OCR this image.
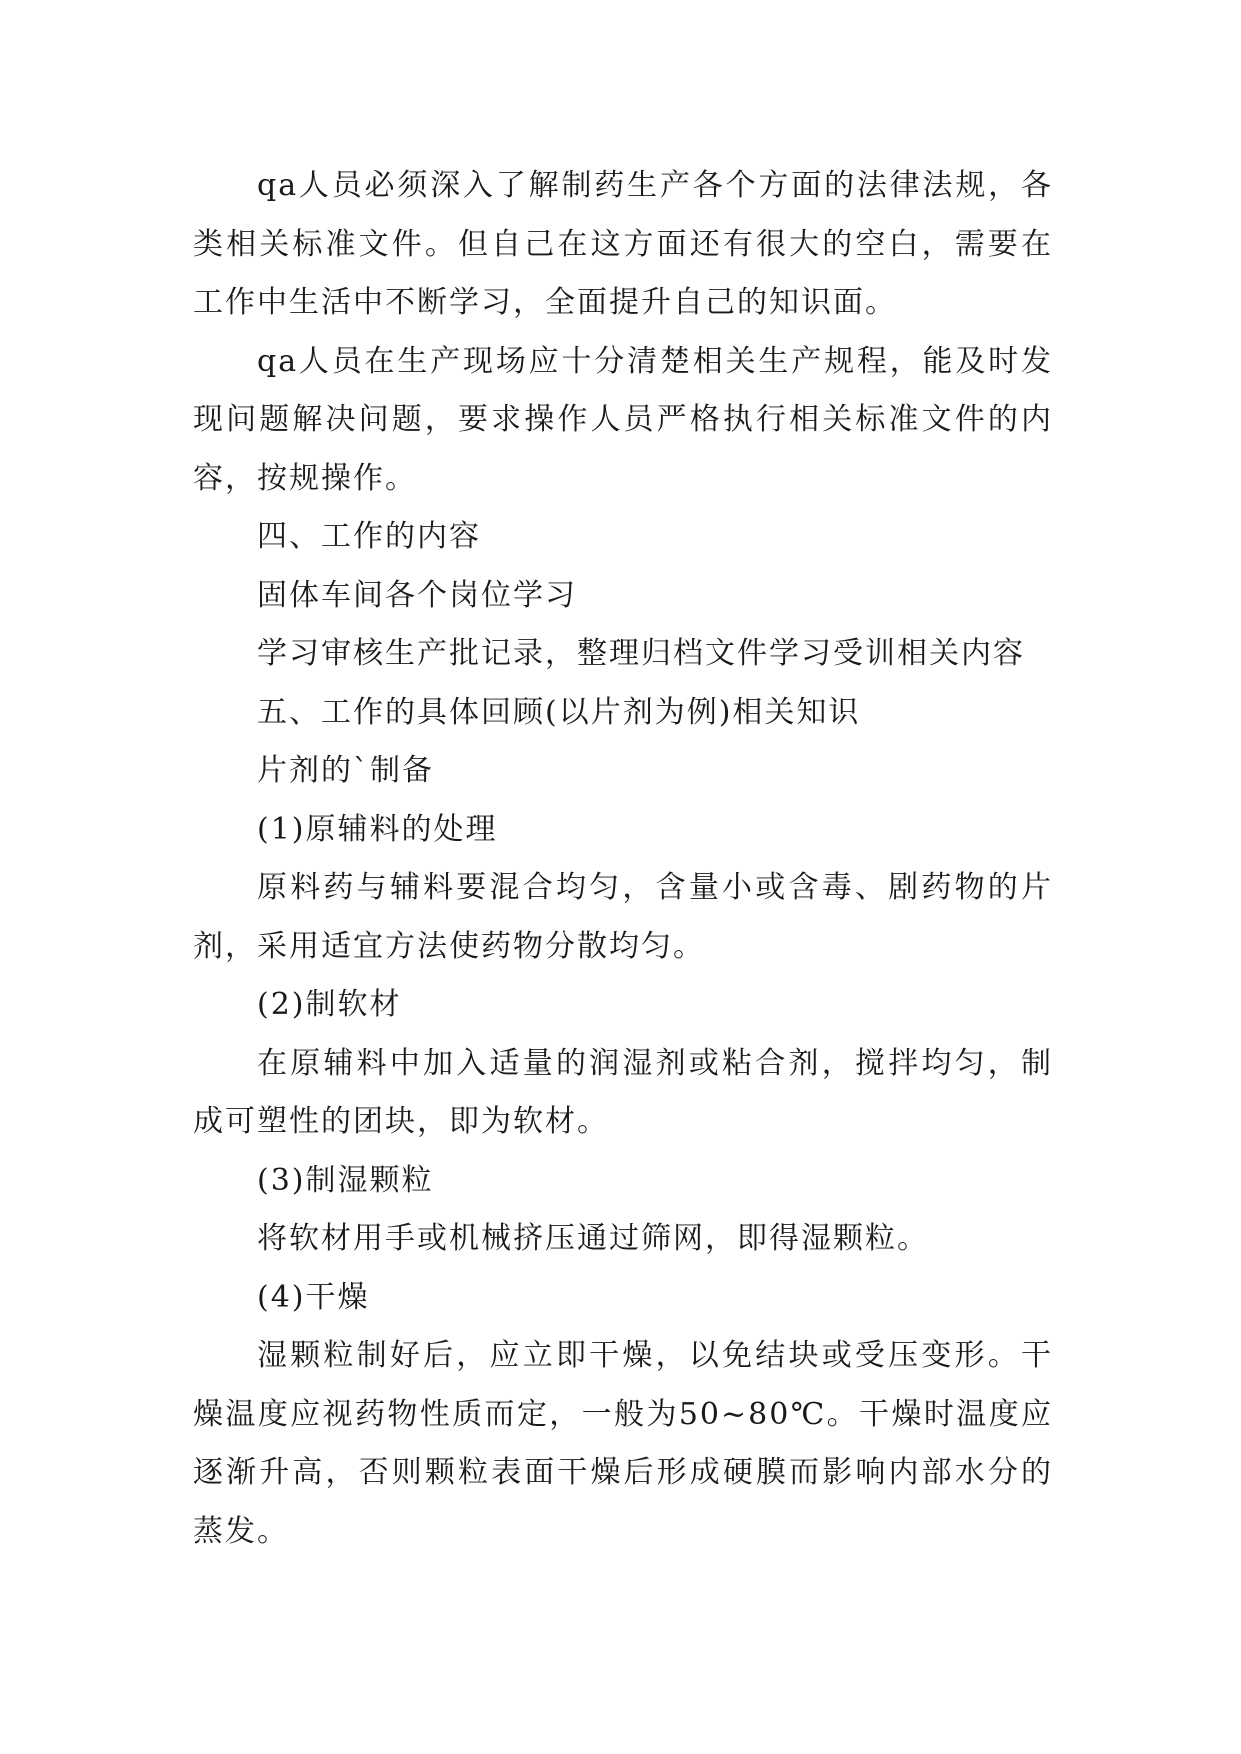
qa人员必须深入了解制药生产各个方面的法律法规，各类相关标准文件。但自己在这方面还有很大的空白，需要在工作中生活中不断学习，全面提升自己的知识面。

qa人员在生产现场应十分清楚相关生产规程，能及时发现问题解决问题，要求操作人员严格执行相关标准文件的内容，按规操作。

四、工作的内容

固体车间各个岗位学习

学习审核生产批记录，整理归档文件学习受训相关内容

五、工作的具体回顾(以片剂为例)相关知识

片剂的`制备

(1)原辅料的处理

原料药与辅料要混合均匀，含量小或含毒、剧药物的片剂，采用适宜方法使药物分散均匀。

(2)制软材

在原辅料中加入适量的润湿剂或粘合剂，搅拌均匀，制成可塑性的团块，即为软材。

(3)制湿颗粒

将软材用手或机械挤压通过筛网，即得湿颗粒。

(4)干燥

湿颗粒制好后，应立即干燥，以免结块或受压变形。干燥温度应视药物性质而定，一般为50~80℃。干燥时温度应逐渐升高，否则颗粒表面干燥后形成硬膜而影响内部水分的蒸发。
